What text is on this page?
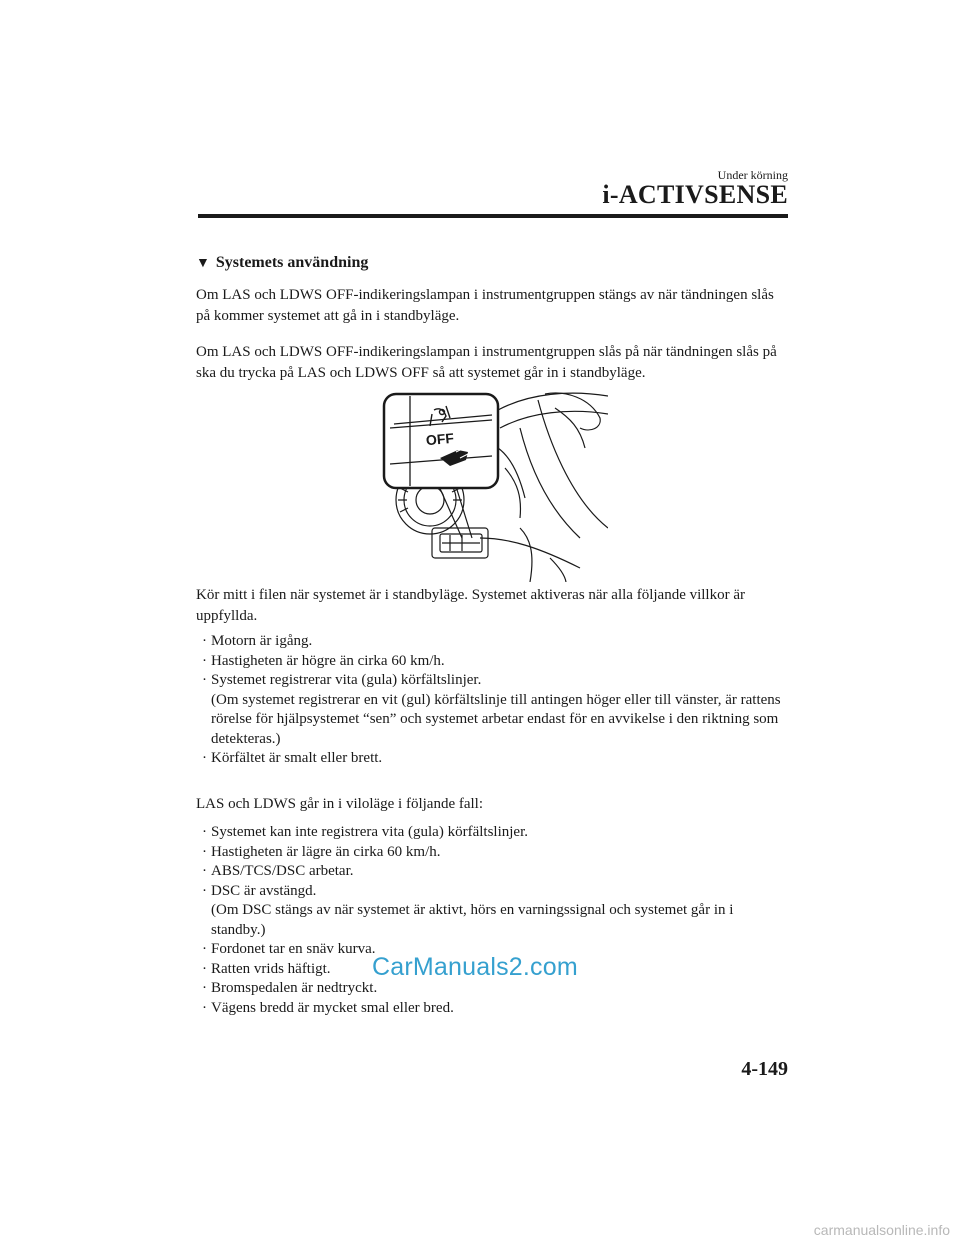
Under körning
i-ACTIVSENSE
▼ Systemets användning
Om LAS och LDWS OFF-indikeringslampan i instrumentgruppen stängs av när tändningen slås på kommer systemet att gå in i standbyläge.
Om LAS och LDWS OFF-indikeringslampan i instrumentgruppen slås på när tändningen slås på ska du trycka på LAS och LDWS OFF så att systemet går in i standbyläge.
OFF
Kör mitt i filen när systemet är i standbyläge. Systemet aktiveras när alla följande villkor är uppfyllda.
· Motorn är igång.
· Hastigheten är högre än cirka 60 km/h.
· Systemet registrerar vita (gula) körfältslinjer.
(Om systemet registrerar en vit (gul) körfältslinje till antingen höger eller till vänster, är rattens rörelse för hjälpsystemet “sen” och systemet arbetar endast för en avvikelse i den riktning som detekteras.)
· Körfältet är smalt eller brett.
LAS och LDWS går in i viloläge i följande fall:
· Systemet kan inte registrera vita (gula) körfältslinjer.
· Hastigheten är lägre än cirka 60 km/h.
· ABS/TCS/DSC arbetar.
· DSC är avstängd.
(Om DSC stängs av när systemet är aktivt, hörs en varningssignal och systemet går in i standby.)
· Fordonet tar en snäv kurva.
· Ratten vrids häftigt.
· Bromspedalen är nedtryckt.
· Vägens bredd är mycket smal eller bred.
CarManuals2.com
4-149
carmanualsonline.info
